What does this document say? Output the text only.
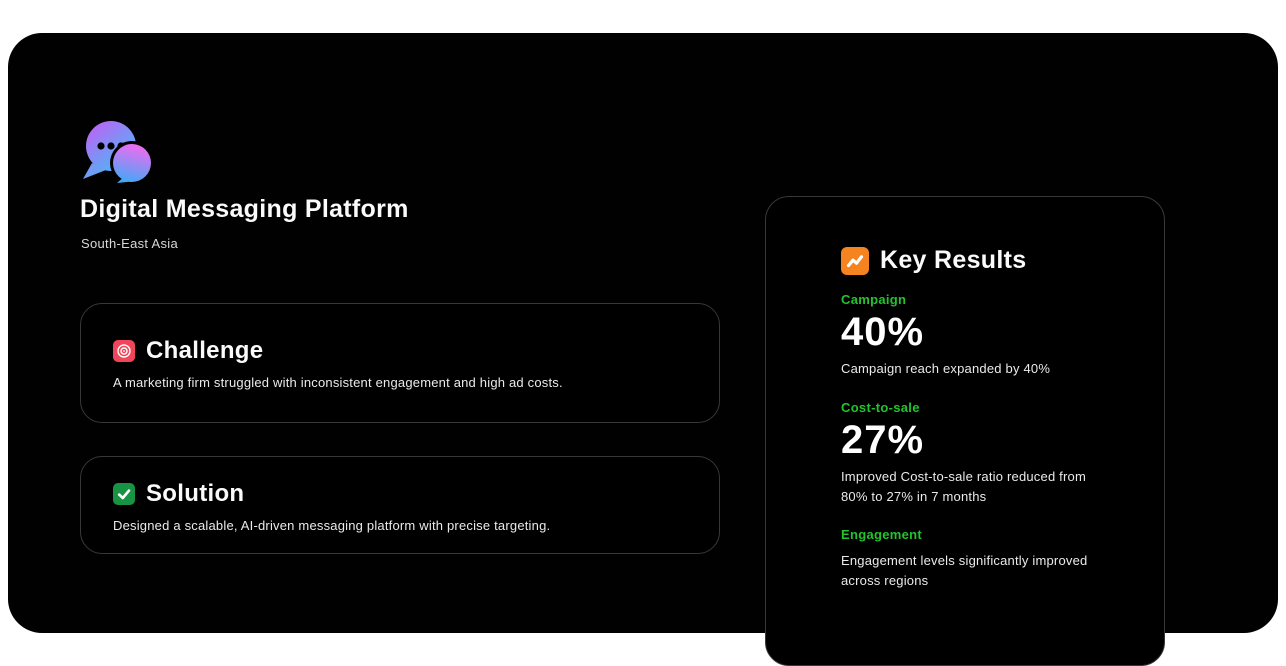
Digital Messaging Platform
South-East Asia
Challenge
A marketing firm struggled with inconsistent engagement and high ad costs.
Solution
Designed a scalable, AI-driven messaging platform with precise targeting.
Key Results
Campaign
40%
Campaign reach expanded by 40%
Cost-to-sale
27%
Improved Cost-to-sale ratio reduced from 80% to 27% in 7 months
Engagement
Engagement levels significantly improved across regions
